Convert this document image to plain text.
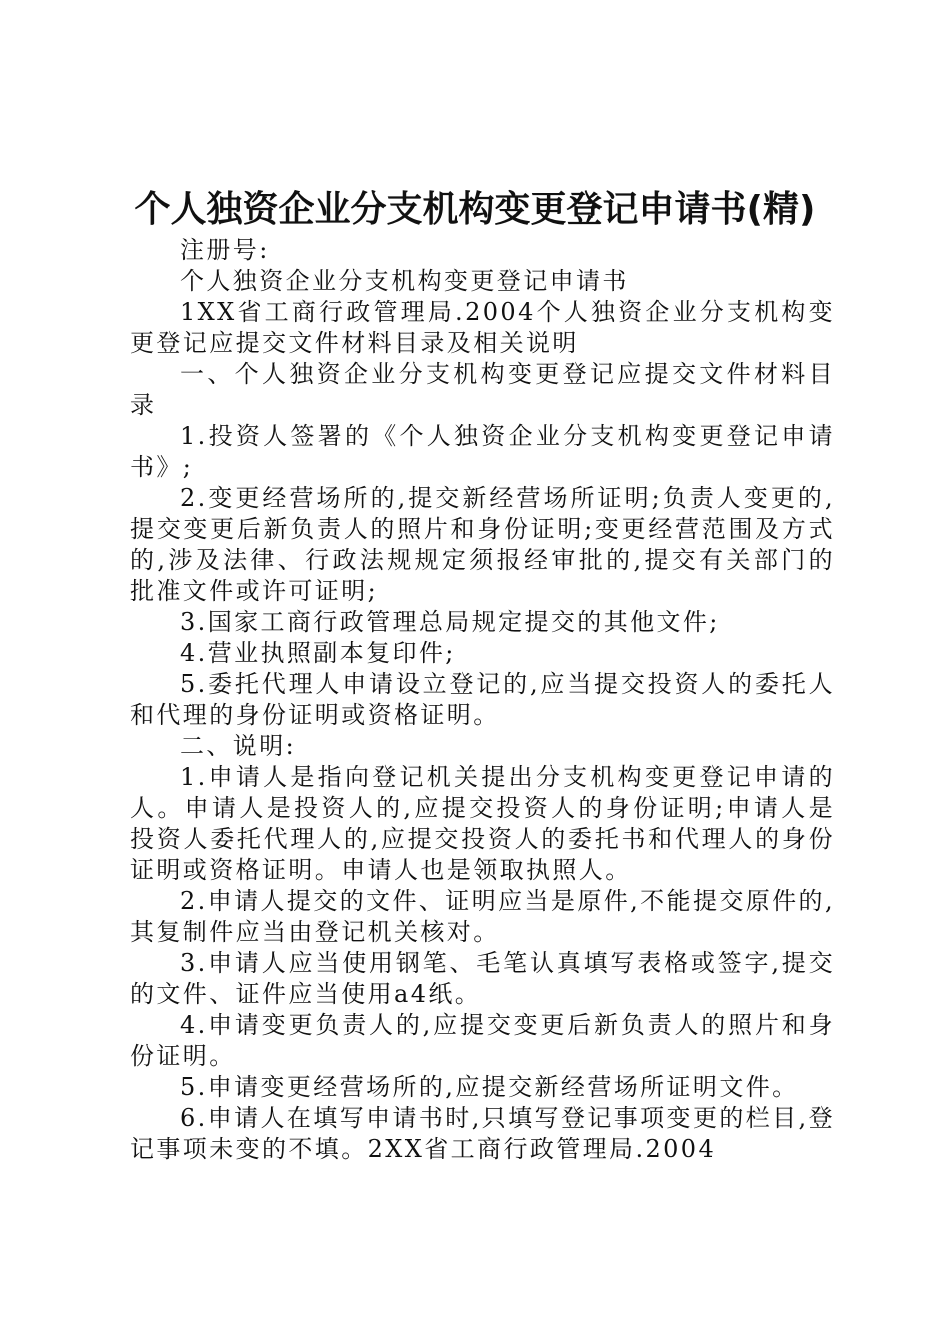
个人独资企业分支机构变更登记申请书(精)

注册号:

个人独资企业分支机构变更登记申请书

1XX省工商行政管理局.2004个人独资企业分支机构变更登记应提交文件材料目录及相关说明

一、个人独资企业分支机构变更登记应提交文件材料目录

1.投资人签署的《个人独资企业分支机构变更登记申请书》;

2.变更经营场所的,提交新经营场所证明;负责人变更的,提交变更后新负责人的照片和身份证明;变更经营范围及方式的,涉及法律、行政法规规定须报经审批的,提交有关部门的批准文件或许可证明;

3.国家工商行政管理总局规定提交的其他文件;

4.营业执照副本复印件;

5.委托代理人申请设立登记的,应当提交投资人的委托人和代理的身份证明或资格证明。

二、说明:

1.申请人是指向登记机关提出分支机构变更登记申请的人。申请人是投资人的,应提交投资人的身份证明;申请人是投资人委托代理人的,应提交投资人的委托书和代理人的身份证明或资格证明。申请人也是领取执照人。

2.申请人提交的文件、证明应当是原件,不能提交原件的,其复制件应当由登记机关核对。

3.申请人应当使用钢笔、毛笔认真填写表格或签字,提交的文件、证件应当使用a4纸。

4.申请变更负责人的,应提交变更后新负责人的照片和身份证明。

5.申请变更经营场所的,应提交新经营场所证明文件。

6.申请人在填写申请书时,只填写登记事项变更的栏目,登记事项未变的不填。2XX省工商行政管理局.2004
